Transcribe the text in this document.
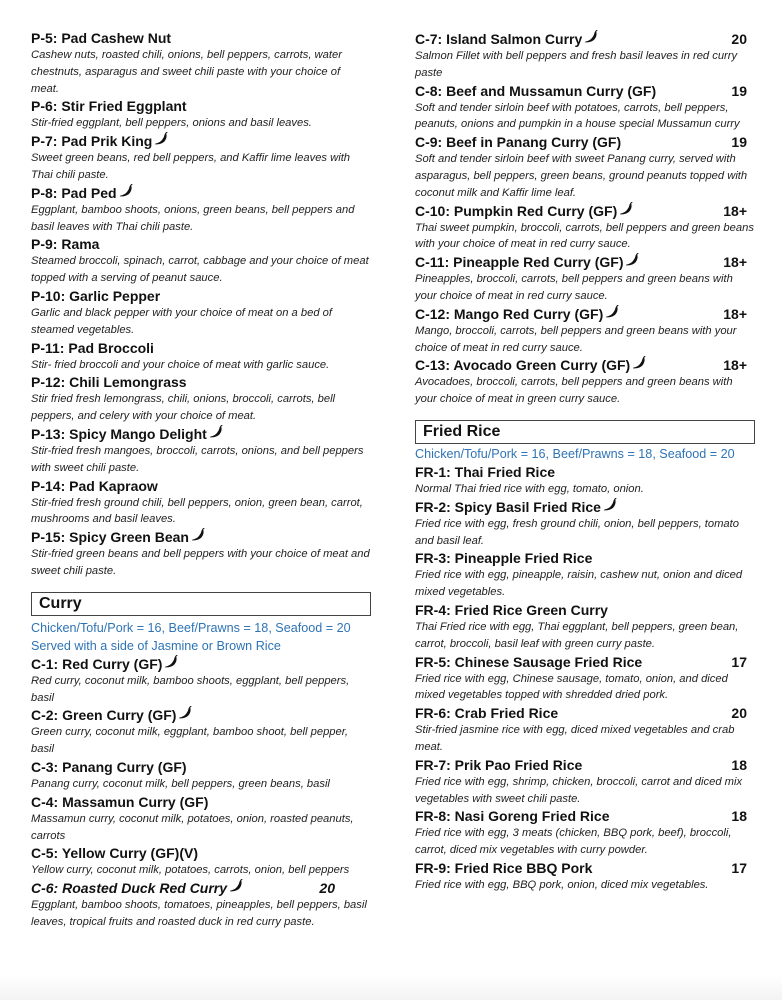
P-5: Pad Cashew Nut
Cashew nuts, roasted chili, onions, bell peppers, carrots, water chestnuts, asparagus and sweet chili paste with your choice of meat.
P-6: Stir Fried Eggplant
Stir-fried eggplant, bell peppers, onions and basil leaves.
P-7: Pad Prik King
Sweet green beans, red bell peppers, and Kaffir lime leaves with Thai chili paste.
P-8: Pad Ped
Eggplant, bamboo shoots, onions, green beans, bell peppers and basil leaves with Thai chili paste.
P-9: Rama
Steamed broccoli, spinach, carrot, cabbage and your choice of meat topped with a serving of peanut sauce.
P-10: Garlic Pepper
Garlic and black pepper with your choice of meat on a bed of steamed vegetables.
P-11: Pad Broccoli
Stir- fried broccoli and your choice of meat with garlic sauce.
P-12: Chili Lemongrass
Stir fried fresh lemongrass, chili, onions, broccoli, carrots, bell peppers, and celery with your choice of meat.
P-13: Spicy Mango Delight
Stir-fried fresh mangoes, broccoli, carrots, onions, and bell peppers with sweet chili paste.
P-14: Pad Kapraow
Stir-fried fresh ground chili, bell peppers, onion, green bean, carrot, mushrooms and basil leaves.
P-15: Spicy Green Bean
Stir-fried green beans and bell peppers with your choice of meat and sweet chili paste.
Curry
Chicken/Tofu/Pork = 16, Beef/Prawns = 18, Seafood = 20
Served with a side of Jasmine or Brown Rice
C-1: Red Curry (GF)
Red curry, coconut milk, bamboo shoots, eggplant, bell peppers, basil
C-2: Green Curry (GF)
Green curry, coconut milk, eggplant, bamboo shoot, bell pepper, basil
C-3: Panang Curry (GF)
Panang curry, coconut milk, bell peppers, green beans, basil
C-4: Massamun Curry (GF)
Massamun curry, coconut milk, potatoes, onion, roasted peanuts, carrots
C-5: Yellow Curry (GF)(V)
Yellow curry, coconut milk, potatoes, carrots, onion, bell peppers
C-6: Roasted Duck Red Curry	20
Eggplant, bamboo shoots, tomatoes, pineapples, bell peppers, basil leaves, tropical fruits and roasted duck in red curry paste.
C-7: Island Salmon Curry	20
Salmon Fillet with bell peppers and fresh basil leaves in red curry paste
C-8: Beef and Mussamun Curry (GF)	19
Soft and tender sirloin beef with potatoes, carrots, bell peppers, peanuts, onions and pumpkin in a house special Mussamun curry
C-9: Beef in Panang Curry (GF)	19
Soft and tender sirloin beef with sweet Panang curry, served with asparagus, bell peppers, green beans, ground peanuts topped with coconut milk and Kaffir lime leaf.
C-10: Pumpkin Red Curry (GF)	18+
Thai sweet pumpkin, broccoli, carrots, bell peppers and green beans with your choice of meat in red curry sauce.
C-11: Pineapple Red Curry (GF)	18+
Pineapples, broccoli, carrots, bell peppers and green beans with your choice of meat in red curry sauce.
C-12: Mango Red Curry (GF)	18+
Mango, broccoli, carrots, bell peppers and green beans with your choice of meat in red curry sauce.
C-13: Avocado Green Curry (GF)	18+
Avocadoes, broccoli, carrots, bell peppers and green beans with your choice of meat in green curry sauce.
Fried Rice
Chicken/Tofu/Pork = 16, Beef/Prawns = 18, Seafood = 20
FR-1: Thai Fried Rice
Normal Thai fried rice with egg, tomato, onion.
FR-2: Spicy Basil Fried Rice
Fried rice with egg, fresh ground chili, onion, bell peppers, tomato and basil leaf.
FR-3: Pineapple Fried Rice
Fried rice with egg, pineapple, raisin, cashew nut, onion and diced mixed vegetables.
FR-4: Fried Rice Green Curry
Thai Fried rice with egg, Thai eggplant, bell peppers, green bean, carrot, broccoli, basil leaf with green curry paste.
FR-5: Chinese Sausage Fried Rice	17
Fried rice with egg, Chinese sausage, tomato, onion, and diced mixed vegetables topped with shredded dried pork.
FR-6: Crab Fried Rice	20
Stir-fried jasmine rice with egg, diced mixed vegetables and crab meat.
FR-7: Prik Pao Fried Rice	18
Fried rice with egg, shrimp, chicken, broccoli, carrot and diced mix vegetables with sweet chili paste.
FR-8: Nasi Goreng Fried Rice	18
Fried rice with egg, 3 meats (chicken, BBQ pork, beef), broccoli, carrot, diced mix vegetables with curry powder.
FR-9: Fried Rice BBQ Pork	17
Fried rice with egg, BBQ pork, onion, diced mix vegetables.
